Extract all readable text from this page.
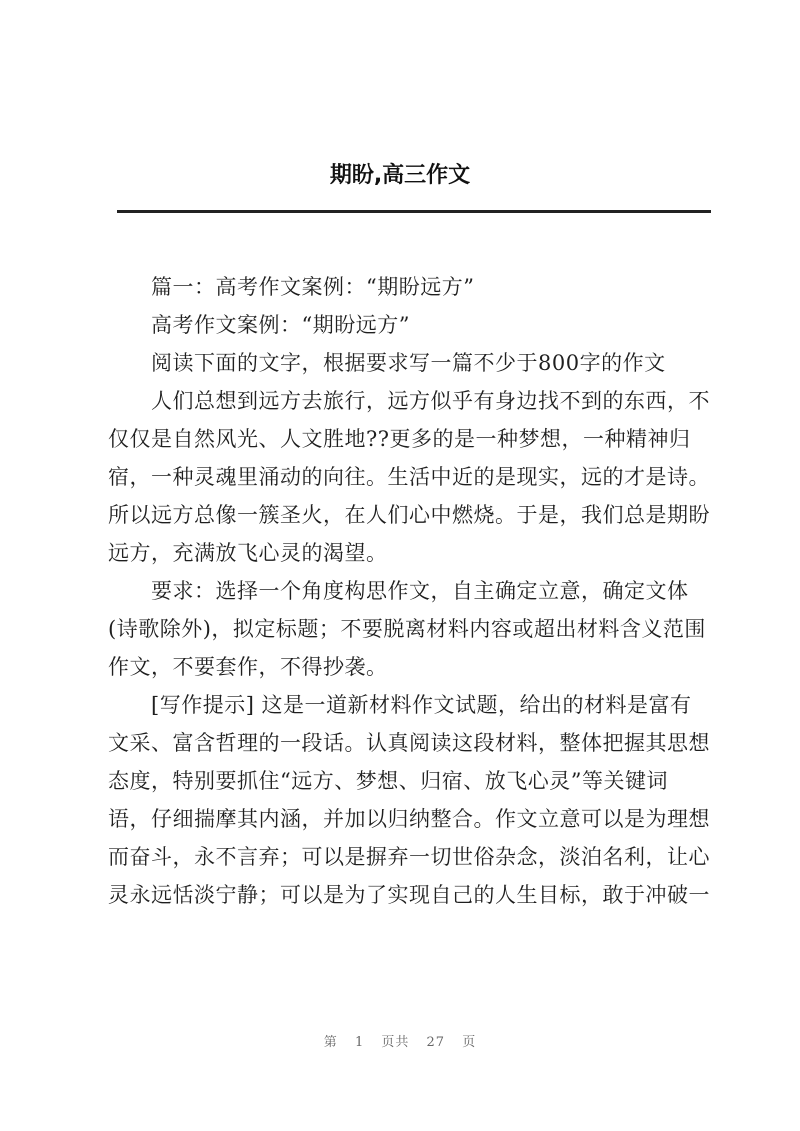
期盼,高三作文
篇一：高考作文案例：“期盼远方”
高考作文案例：“期盼远方”
阅读下面的文字，根据要求写一篇不少于800字的作文
人们总想到远方去旅行，远方似乎有身边找不到的东西，不
仅仅是自然风光、人文胜地??更多的是一种梦想，一种精神归
宿，一种灵魂里涌动的向往。生活中近的是现实，远的才是诗。
所以远方总像一簇圣火，在人们心中燃烧。于是，我们总是期盼
远方，充满放飞心灵的渴望。
要求：选择一个角度构思作文，自主确定立意，确定文体
(诗歌除外)，拟定标题；不要脱离材料内容或超出材料含义范围
作文，不要套作，不得抄袭。
[写作提示] 这是一道新材料作文试题，给出的材料是富有
文采、富含哲理的一段话。认真阅读这段材料，整体把握其思想
态度，特别要抓住“远方、梦想、归宿、放飞心灵”等关键词
语，仔细揣摩其内涵，并加以归纳整合。作文立意可以是为理想
而奋斗，永不言弃；可以是摒弃一切世俗杂念，淡泊名利，让心
灵永远恬淡宁静；可以是为了实现自己的人生目标，敢于冲破一
第 1 页共 27 页
